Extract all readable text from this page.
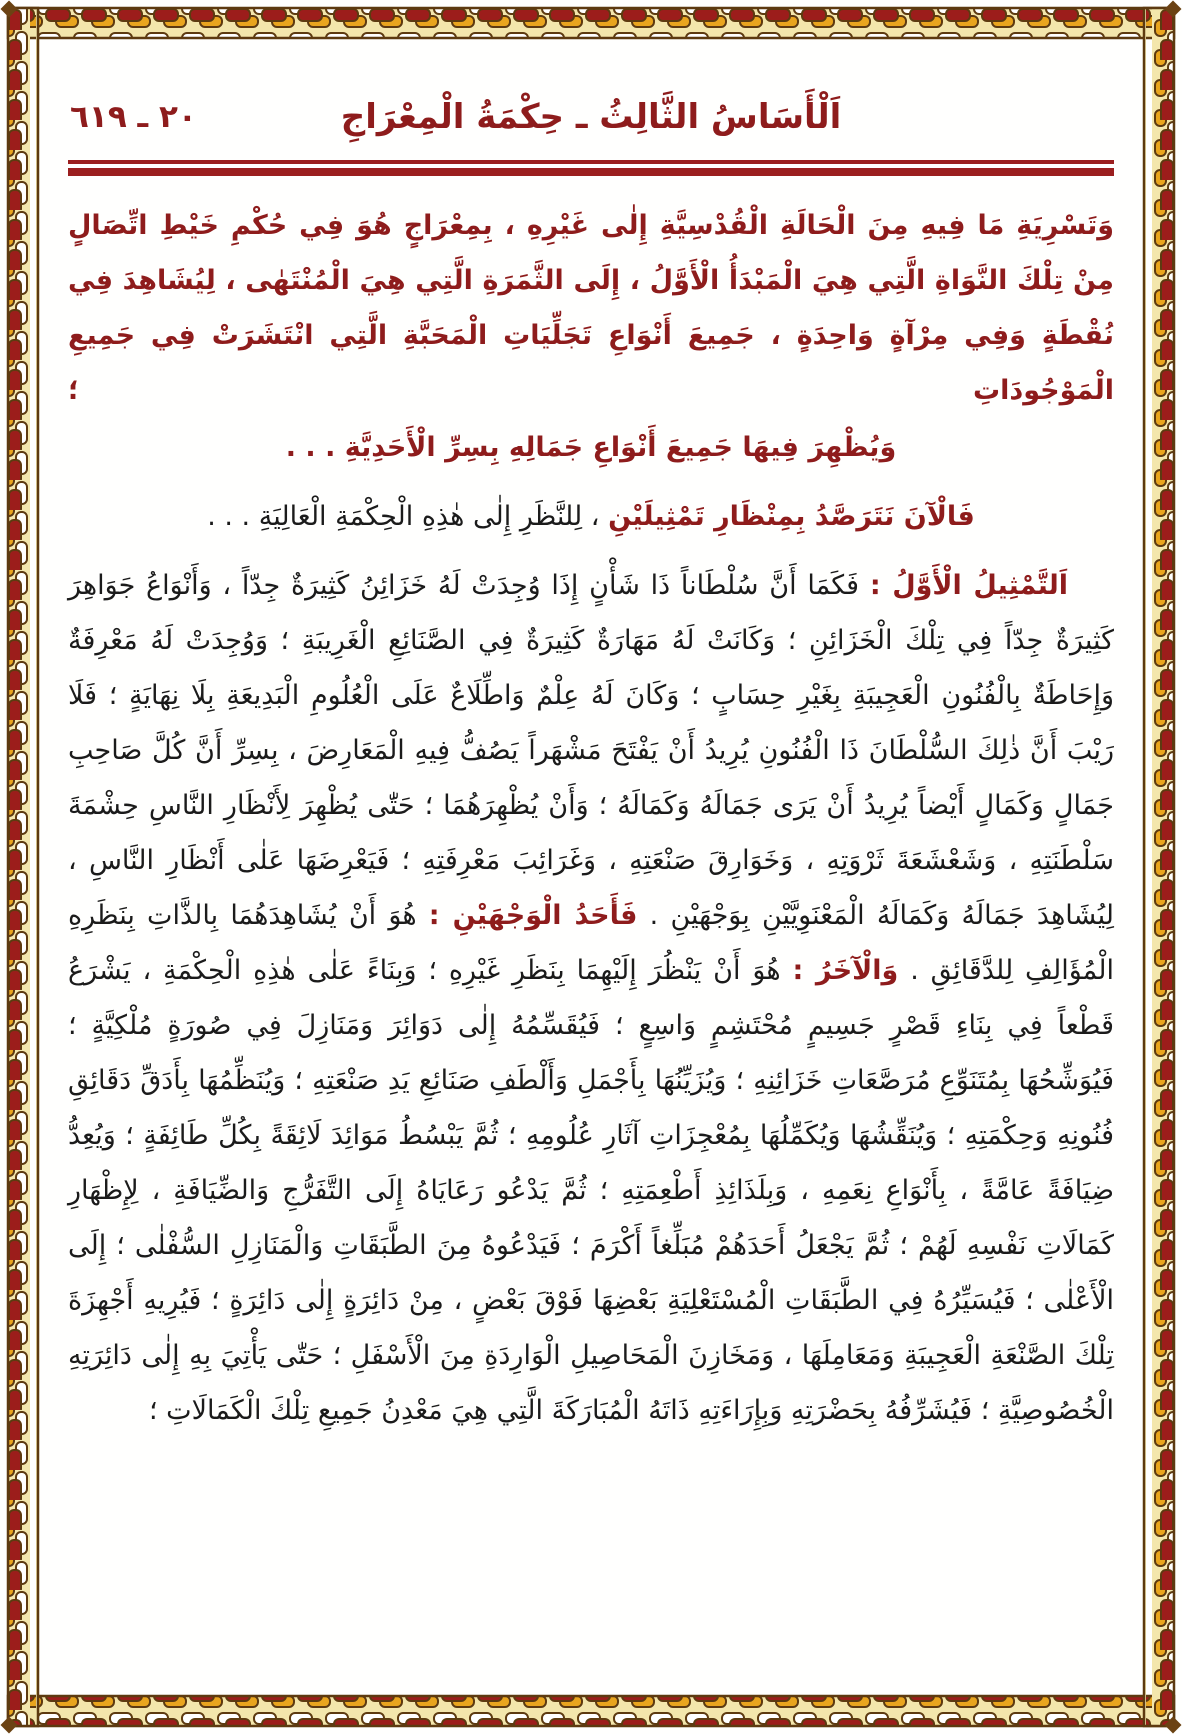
اَلْأَسَاسُ الثَّالِثُ ـ حِكْمَةُ الْمِعْرَاجِ
٢٠ ـ ٦١٩
وَتَسْرِيَةِ مَا فِيهِ مِنَ الْحَالَةِ الْقُدْسِيَّةِ إِلٰى غَيْرِهِ ، بِمِعْرَاجٍ هُوَ فِي حُكْمِ خَيْطِ اتِّصَالٍ مِنْ تِلْكَ النَّوَاةِ الَّتِي هِيَ الْمَبْدَأُ الْأَوَّلُ ، إِلَى الثَّمَرَةِ الَّتِي هِيَ الْمُنْتَهٰى ، لِيُشَاهِدَ فِي نُقْطَةٍ وَفِي مِرْآةٍ وَاحِدَةٍ ، جَمِيعَ أَنْوَاعِ تَجَلِّيَاتِ الْمَحَبَّةِ الَّتِي انْتَشَرَتْ فِي جَمِيعِ الْمَوْجُودَاتِ ؛
وَيُظْهِرَ فِيهَا جَمِيعَ أَنْوَاعِ جَمَالِهِ بِسِرِّ الْأَحَدِيَّةِ . . .
فَالْآنَ نَتَرَصَّدُ بِمِنْظَارِ تَمْثِيلَيْنِ ، لِلنَّظَرِ إِلٰى هٰذِهِ الْحِكْمَةِ الْعَالِيَةِ . . .
اَلتَّمْثِيلُ الْأَوَّلُ : فَكَمَا أَنَّ سُلْطَاناً ذَا شَأْنٍ إِذَا وُجِدَتْ لَهُ خَزَائِنُ كَثِيرَةٌ جِدّاً ، وَأَنْوَاعُ جَوَاهِرَ كَثِيرَةٌ جِدّاً فِي تِلْكَ الْخَزَائِنِ ؛ وَكَانَتْ لَهُ مَهَارَةٌ كَثِيرَةٌ فِي الصَّنَائِعِ الْغَرِيبَةِ ؛ وَوُجِدَتْ لَهُ مَعْرِفَةٌ وَإِحَاطَةٌ بِالْفُنُونِ الْعَجِيبَةِ بِغَيْرِ حِسَابٍ ؛ وَكَانَ لَهُ عِلْمٌ وَاطِّلَاعٌ عَلَى الْعُلُومِ الْبَدِيعَةِ بِلَا نِهَايَةٍ ؛ فَلَا رَيْبَ أَنَّ ذٰلِكَ السُّلْطَانَ ذَا الْفُنُونِ يُرِيدُ أَنْ يَفْتَحَ مَشْهَراً يَصُفُّ فِيهِ الْمَعَارِضَ ، بِسِرِّ أَنَّ كُلَّ صَاحِبِ جَمَالٍ وَكَمَالٍ أَيْضاً يُرِيدُ أَنْ يَرَى جَمَالَهُ وَكَمَالَهُ ؛ وَأَنْ يُظْهِرَهُمَا ؛ حَتّٰى يُظْهِرَ لِأَنْظَارِ النَّاسِ حِشْمَةَ سَلْطَنَتِهِ ، وَشَعْشَعَةَ ثَرْوَتِهِ ، وَخَوَارِقَ صَنْعَتِهِ ، وَغَرَائِبَ مَعْرِفَتِهِ ؛ فَيَعْرِضَهَا عَلٰى أَنْظَارِ النَّاسِ ، لِيُشَاهِدَ جَمَالَهُ وَكَمَالَهُ الْمَعْنَوِيَّيْنِ بِوَجْهَيْنِ . فَأَحَدُ الْوَجْهَيْنِ : هُوَ أَنْ يُشَاهِدَهُمَا بِالذَّاتِ بِنَظَرِهِ الْمُؤَالِفِ لِلدَّقَائِقِ . وَالْآخَرُ : هُوَ أَنْ يَنْظُرَ إِلَيْهِمَا بِنَظَرِ غَيْرِهِ ؛ وَبِنَاءً عَلٰى هٰذِهِ الْحِكْمَةِ ، يَشْرَعُ قَطْعاً فِي بِنَاءِ قَصْرٍ جَسِيمٍ مُحْتَشِمٍ وَاسِعٍ ؛ فَيُقَسِّمُهُ إِلٰى دَوَائِرَ وَمَنَازِلَ فِي صُورَةٍ مُلْكِيَّةٍ ؛ فَيُوَشِّحُهَا بِمُتَنَوِّعِ مُرَصَّعَاتِ خَزَائِنِهِ ؛ وَيُزَيِّنُهَا بِأَجْمَلِ وَأَلْطَفِ صَنَائِعِ يَدِ صَنْعَتِهِ ؛ وَيُنَظِّمُهَا بِأَدَقِّ دَقَائِقِ فُنُونِهِ وَحِكْمَتِهِ ؛ وَيُنَقِّشُهَا وَيُكَمِّلُهَا بِمُعْجِزَاتِ آثَارِ عُلُومِهِ ؛ ثُمَّ يَبْسُطُ مَوَائِدَ لَائِقَةً بِكُلِّ طَائِفَةٍ ؛ وَيُعِدُّ ضِيَافَةً عَامَّةً ، بِأَنْوَاعِ نِعَمِهِ ، وَبِلَذَائِذِ أَطْعِمَتِهِ ؛ ثُمَّ يَدْعُو رَعَايَاهُ إِلَى التَّفَرُّجِ وَالضِّيَافَةِ ، لِإِظْهَارِ كَمَالَاتِ نَفْسِهِ لَهُمْ ؛ ثُمَّ يَجْعَلُ أَحَدَهُمْ مُبَلِّغاً أَكْرَمَ ؛ فَيَدْعُوهُ مِنَ الطَّبَقَاتِ وَالْمَنَازِلِ السُّفْلٰى ؛ إِلَى الْأَعْلٰى ؛ فَيُسَيِّرُهُ فِي الطَّبَقَاتِ الْمُسْتَعْلِيَةِ بَعْضِهَا فَوْقَ بَعْضٍ ، مِنْ دَائِرَةٍ إِلٰى دَائِرَةٍ ؛ فَيُرِيهِ أَجْهِزَةَ تِلْكَ الصَّنْعَةِ الْعَجِيبَةِ وَمَعَامِلَهَا ، وَمَخَازِنَ الْمَحَاصِيلِ الْوَارِدَةِ مِنَ الْأَسْفَلِ ؛ حَتّٰى يَأْتِيَ بِهِ إِلٰى دَائِرَتِهِ الْخُصُوصِيَّةِ ؛ فَيُشَرِّفُهُ بِحَضْرَتِهِ وَبِإِرَاءَتِهِ ذَاتَهُ الْمُبَارَكَةَ الَّتِي هِيَ مَعْدِنُ جَمِيعِ تِلْكَ الْكَمَالَاتِ ؛
